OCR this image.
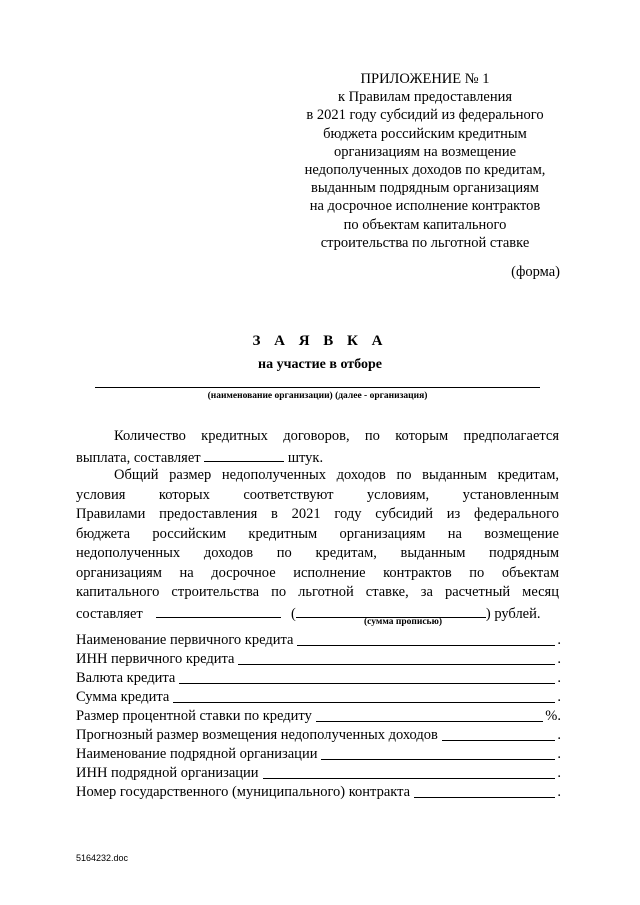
ПРИЛОЖЕНИЕ № 1
к Правилам предоставления
в 2021 году субсидий из федерального
бюджета российским кредитным
организациям на возмещение
недополученных доходов по кредитам,
выданным подрядным организациям
на досрочное исполнение контрактов
по объектам капитального
строительства по льготной ставке
(форма)
З А Я В К А
на участие в отборе
(наименование организации) (далее - организация)
Количество кредитных договоров, по которым предполагается
выплата, составляет	штук.
Общий размер недополученных доходов по выданным кредитам,
условия которых соответствуют условиям, установленным
Правилами предоставления в 2021 году субсидий из федерального
бюджета российским кредитным организациям на возмещение
недополученных доходов по кредитам, выданным подрядным
организациям на досрочное исполнение контрактов по объектам
капитального строительства по льготной ставке, за расчетный месяц
составляет	(	) рублей.
(сумма прописью)
Наименование первичного кредита	.
ИНН первичного кредита	.
Валюта кредита	.
Сумма кредита	.
Размер процентной ставки по кредиту	%.
Прогнозный размер возмещения недополученных доходов	.
Наименование подрядной организации	.
ИНН подрядной организации	.
Номер государственного (муниципального) контракта	.
5164232.doc
